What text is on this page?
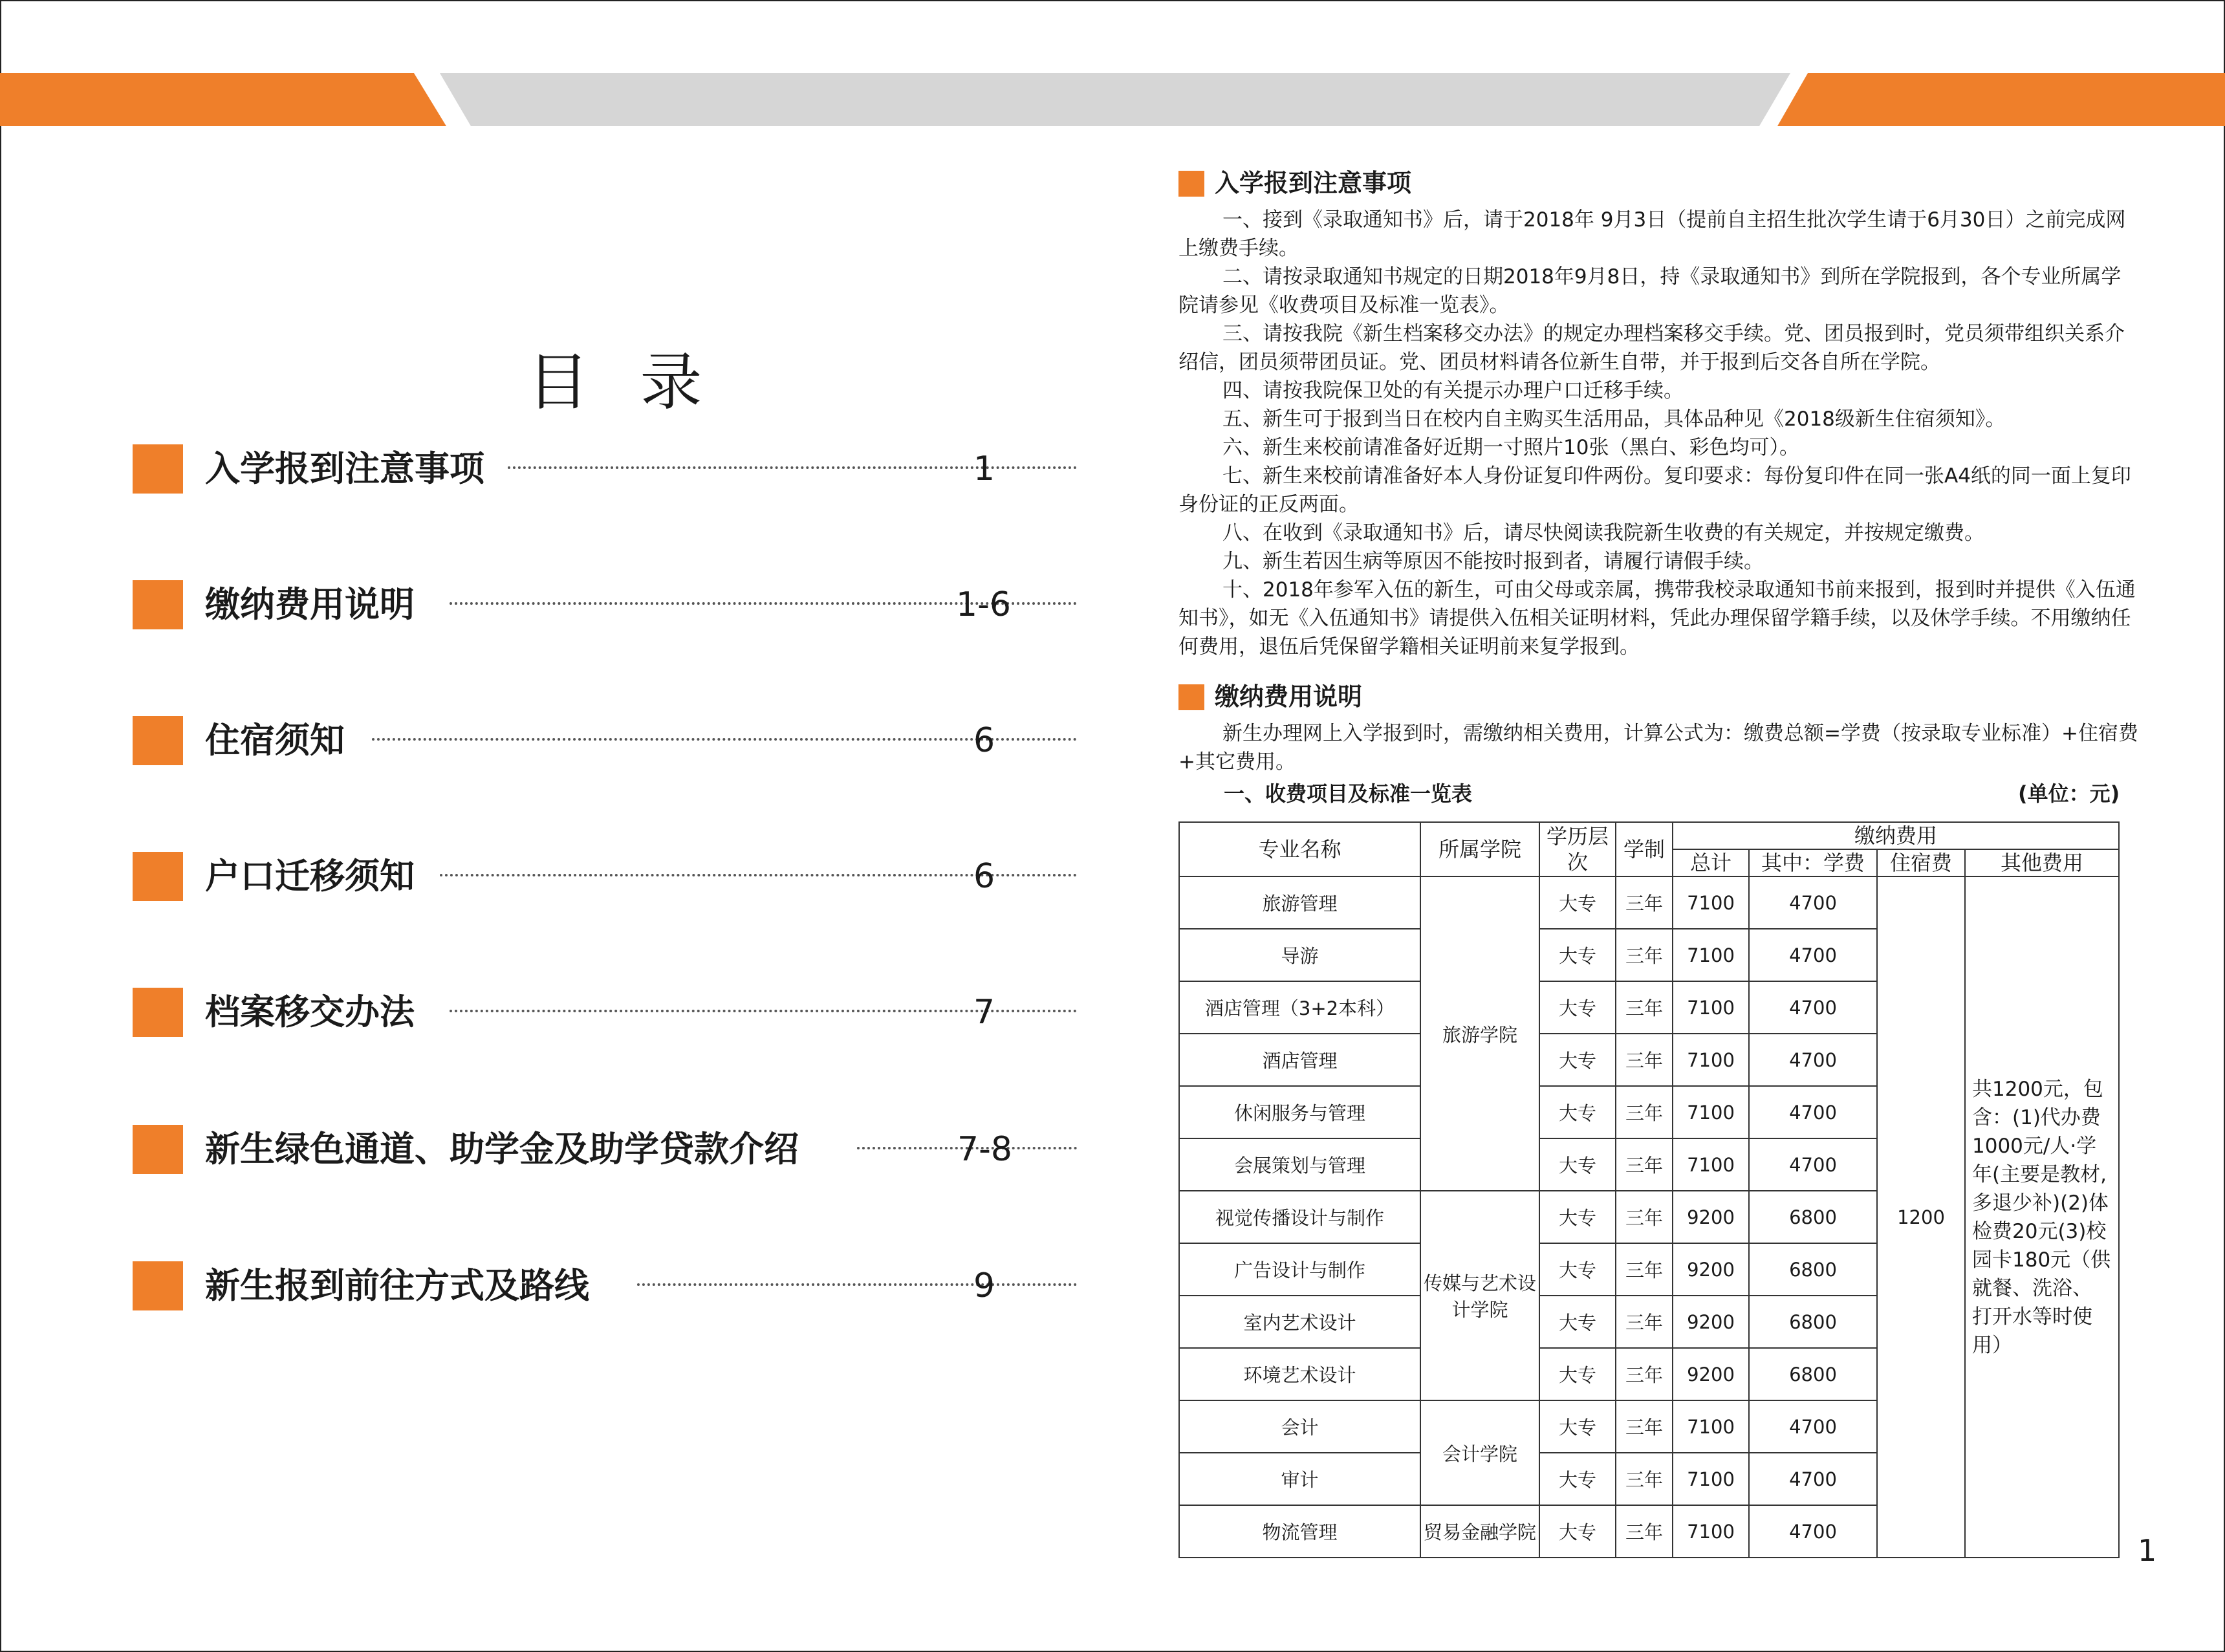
目 录
入学报到注意事项	1
缴纳费用说明	1-6
住宿须知	6
户口迁移须知	6
档案移交办法	7
新生绿色通道、助学金及助学贷款介绍	7-8
新生报到前往方式及路线	9
入学报到注意事项

一、接到《录取通知书》后，请于2018年 9月3日（提前自主招生批次学生请于6月30日）之前完成网上缴费手续。

二、请按录取通知书规定的日期2018年9月8日，持《录取通知书》到所在学院报到，各个专业所属学院请参见《收费项目及标准一览表》。

三、请按我院《新生档案移交办法》的规定办理档案移交手续。党、团员报到时，党员须带组织关系介绍信，团员须带团员证。党、团员材料请各位新生自带，并于报到后交各自所在学院。

四、请按我院保卫处的有关提示办理户口迁移手续。

五、新生可于报到当日在校内自主购买生活用品，具体品种见《2018级新生住宿须知》。

六、新生来校前请准备好近期一寸照片10张（黑白、彩色均可）。

七、新生来校前请准备好本人身份证复印件两份。复印要求：每份复印件在同一张A4纸的同一面上复印身份证的正反两面。

八、在收到《录取通知书》后，请尽快阅读我院新生收费的有关规定，并按规定缴费。

九、新生若因生病等原因不能按时报到者，请履行请假手续。

十、2018年参军入伍的新生，可由父母或亲属，携带我校录取通知书前来报到，报到时并提供《入伍通知书》，如无《入伍通知书》请提供入伍相关证明材料，凭此办理保留学籍手续，以及休学手续。不用缴纳任何费用，退伍后凭保留学籍相关证明前来复学报到。

缴纳费用说明

新生办理网上入学报到时，需缴纳相关费用，计算公式为：缴费总额=学费（按录取专业标准）+住宿费+其它费用。

一、收费项目及标准一览表	(单位：元)
专业名称	所属学院	学历层次	学制	缴纳费用			
				总计	其中：学费	住宿费	其他费用
旅游管理	旅游学院	大专	三年	7100	4700	1200	共1200元，包含：(1)代办费1000元/人·学年(主要是教材,多退少补)(2)体检费20元(3)校园卡180元（供就餐、洗浴、打开水等时使用）
导游		大专	三年	7100	4700		
酒店管理（3+2本科）		大专	三年	7100	4700		
酒店管理		大专	三年	7100	4700		
休闲服务与管理		大专	三年	7100	4700		
会展策划与管理		大专	三年	7100	4700		
视觉传播设计与制作	传媒与艺术设计学院	大专	三年	9200	6800		
广告设计与制作		大专	三年	9200	6800		
室内艺术设计		大专	三年	9200	6800		
环境艺术设计		大专	三年	9200	6800		
会计	会计学院	大专	三年	7100	4700		
审计		大专	三年	7100	4700		
物流管理	贸易金融学院	大专	三年	7100	4700		
1
